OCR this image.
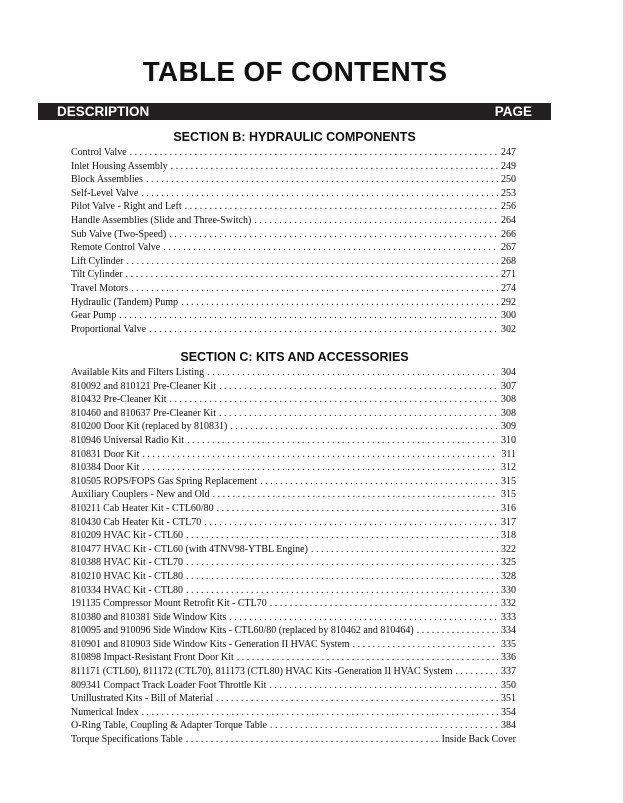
TABLE OF CONTENTS
DESCRIPTION	PAGE
SECTION B: HYDRAULIC COMPONENTS
Control Valve . . .	247
Inlet Housing Assembly . . .	249
Block Assemblies . . .	250
Self-Level Valve . . .	253
Pilot Valve - Right and Left . . .	256
Handle Assemblies (Slide and Three-Switch) . . .	264
Sub Valve (Two-Speed) . . .	266
Remote Control Valve . . .	267
Lift Cylinder . . .	268
Tilt Cylinder . . .	271
Travel Motors . . .	274
Hydraulic (Tandem) Pump . . .	292
Gear Pump . . .	300
Proportional Valve . . .	302
SECTION C: KITS AND ACCESSORIES
Available Kits and Filters Listing . . .	304
810092 and 810121 Pre-Cleaner Kit . . .	307
810432 Pre-Cleaner Kit . . .	308
810460 and 810637 Pre-Cleaner Kit . . .	308
810200 Door Kit (replaced by 810831) . . .	309
810946 Universal Radio Kit . . .	310
810831 Door Kit . . .	311
810384 Door Kit . . .	312
810505 ROPS/FOPS Gas Spring Replacement . . .	315
Auxiliary Couplers - New and Old . . .	315
810211 Cab Heater Kit - CTL60/80 . . .	316
810430 Cab Heater Kit - CTL70 . . .	317
810209 HVAC Kit - CTL60 . . .	318
810477 HVAC Kit - CTL60 (with 4TNV98-YTBL Engine) . . .	322
810388 HVAC Kit - CTL70 . . .	325
810210 HVAC Kit - CTL80 . . .	328
810334 HVAC Kit - CTL80 . . .	330
191135 Compressor Mount Retrofit Kit - CTL70 . . .	332
810380 and 810381 Side Window Kits . . .	333
810095 and 910096 Side Window Kits - CTL60/80 (replaced by 810462 and 810464) . . .	334
810901 and 810903 Side Window Kits - Generation II HVAC System . . .	335
810898 Impact-Resistant Front Door Kit . . .	336
811171 (CTL60), 811172 (CTL70), 811173 (CTL80) HVAC Kits -Generation II HVAC System . . .	337
809341 Compact Track Loader Foot Throttle Kit . . .	350
Unillustrated Kits - Bill of Material . . .	351
Numerical Index . . .	354
O-Ring Table, Coupling & Adapter Torque Table . . .	384
Torque Specifications Table . . .	Inside Back Cover
